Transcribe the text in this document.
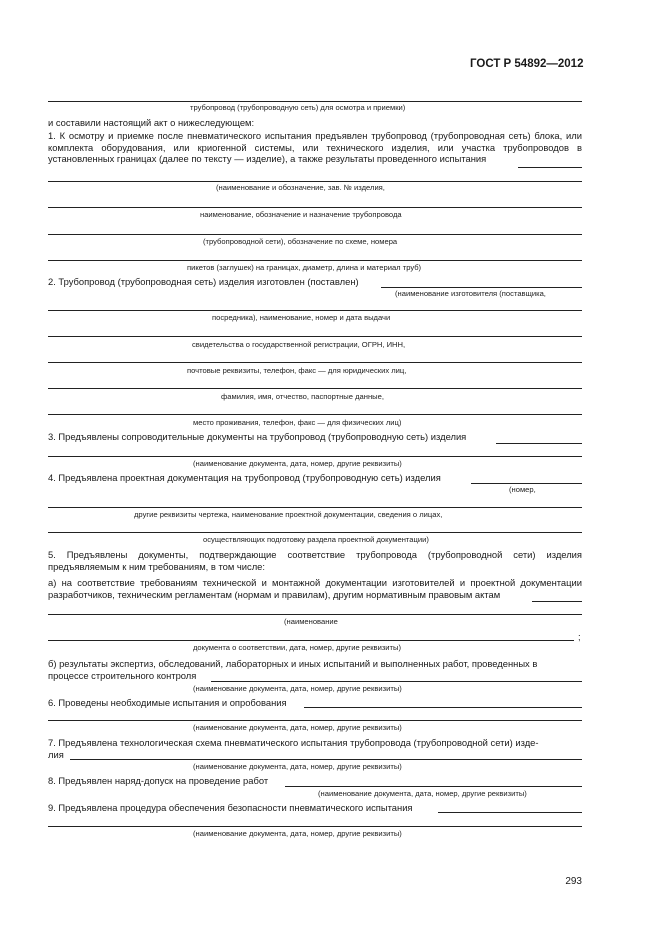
ГОСТ Р 54892—2012
трубопровод (трубопроводную сеть) для осмотра и приемки)
и составили настоящий акт о нижеследующем:
1. К осмотру и приемке после пневматического испытания предъявлен трубопровод (трубопроводная сеть) блока, или комплекта оборудования, или криогенной системы, или технического изделия, или участка трубопроводов в установленных границах (далее по тексту — изделие), а также результаты проведенного испытания
(наименование и обозначение, зав. № изделия,
наименование, обозначение и назначение трубопровода
(трубопроводной сети), обозначение по схеме, номера
пикетов (заглушек) на границах, диаметр, длина и материал труб)
2. Трубопровод (трубопроводная сеть) изделия изготовлен (поставлен)
(наименование изготовителя (поставщика,
посредника), наименование, номер и дата выдачи
свидетельства о государственной регистрации, ОГРН, ИНН,
почтовые реквизиты, телефон, факс — для юридических лиц,
фамилия, имя, отчество, паспортные данные,
место проживания, телефон, факс — для физических лиц)
3. Предъявлены сопроводительные документы на трубопровод (трубопроводную сеть) изделия
(наименование документа, дата, номер, другие реквизиты)
4. Предъявлена проектная документация на трубопровод (трубопроводную сеть) изделия
(номер,
другие реквизиты чертежа, наименование проектной документации, сведения о лицах,
осуществляющих подготовку раздела проектной документации)
5. Предъявлены документы, подтверждающие соответствие трубопровода (трубопроводной сети) изделия предъявляемым к ним требованиям, в том числе:
а) на соответствие требованиям технической и монтажной документации изготовителей и проектной документации разработчиков, техническим регламентам (нормам и правилам), другим нормативным правовым актам
(наименование
;
документа о соответствии, дата, номер, другие реквизиты)
б) результаты экспертиз, обследований, лабораторных и иных испытаний и выполненных работ, проведенных в
процессе строительного контроля
(наименование документа, дата, номер, другие реквизиты)
6. Проведены необходимые испытания и опробования
(наименование документа, дата, номер, другие реквизиты)
7. Предъявлена технологическая схема пневматического испытания трубопровода (трубопроводной сети) изде-
лия
(наименование документа, дата, номер, другие реквизиты)
8. Предъявлен наряд-допуск на проведение работ
(наименование документа, дата, номер, другие реквизиты)
9. Предъявлена процедура обеспечения безопасности пневматического испытания
(наименование документа, дата, номер, другие реквизиты)
293
